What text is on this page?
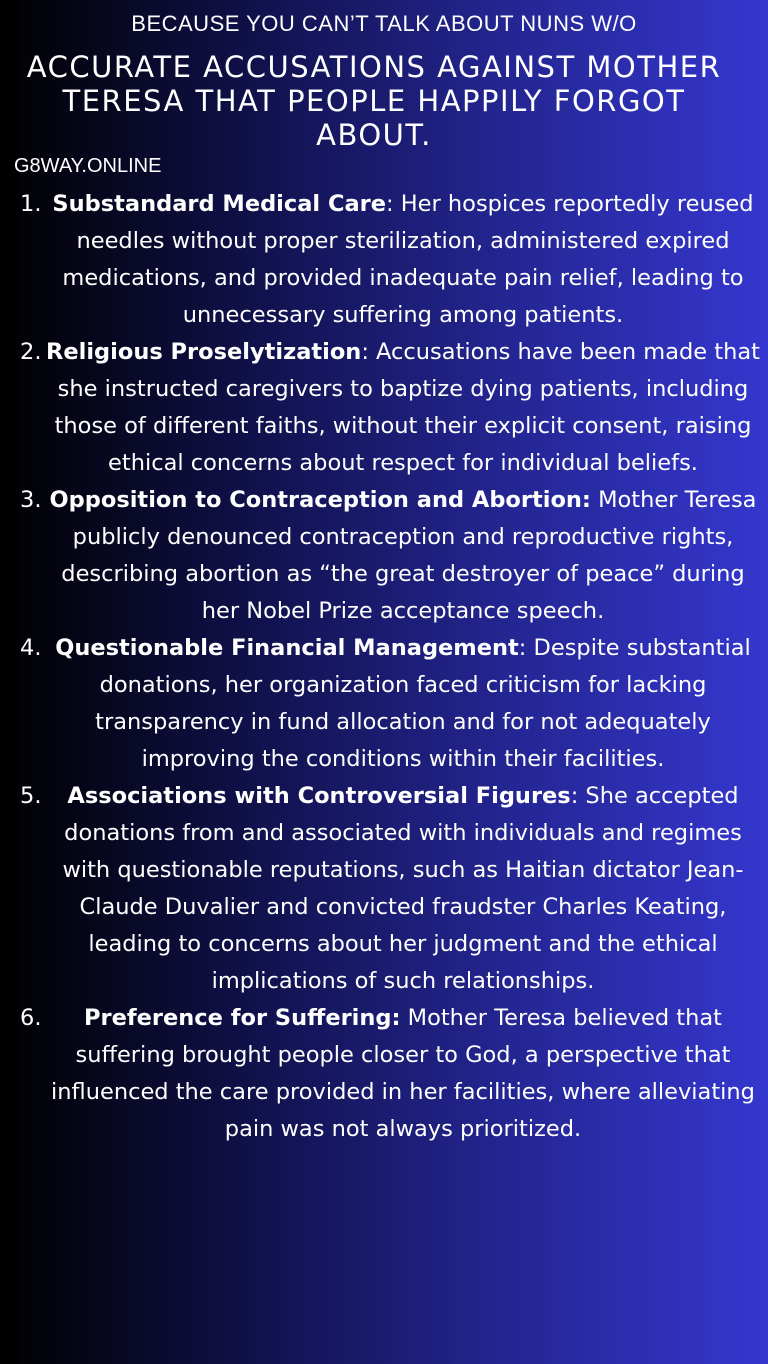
BECAUSE YOU CAN’T TALK ABOUT NUNS W/O
ACCURATE ACCUSATIONS AGAINST MOTHER TERESA THAT PEOPLE HAPPILY FORGOT ABOUT.
G8WAY.ONLINE
1. Substandard Medical Care: Her hospices reportedly reused needles without proper sterilization, administered expired medications, and provided inadequate pain relief, leading to unnecessary suffering among patients.
2. Religious Proselytization: Accusations have been made that she instructed caregivers to baptize dying patients, including those of different faiths, without their explicit consent, raising ethical concerns about respect for individual beliefs.
3. Opposition to Contraception and Abortion: Mother Teresa publicly denounced contraception and reproductive rights, describing abortion as “the great destroyer of peace” during her Nobel Prize acceptance speech.
4. Questionable Financial Management: Despite substantial donations, her organization faced criticism for lacking transparency in fund allocation and for not adequately improving the conditions within their facilities.
5. Associations with Controversial Figures: She accepted donations from and associated with individuals and regimes with questionable reputations, such as Haitian dictator Jean-Claude Duvalier and convicted fraudster Charles Keating, leading to concerns about her judgment and the ethical implications of such relationships.
6. Preference for Suffering: Mother Teresa believed that suffering brought people closer to God, a perspective that influenced the care provided in her facilities, where alleviating pain was not always prioritized.
